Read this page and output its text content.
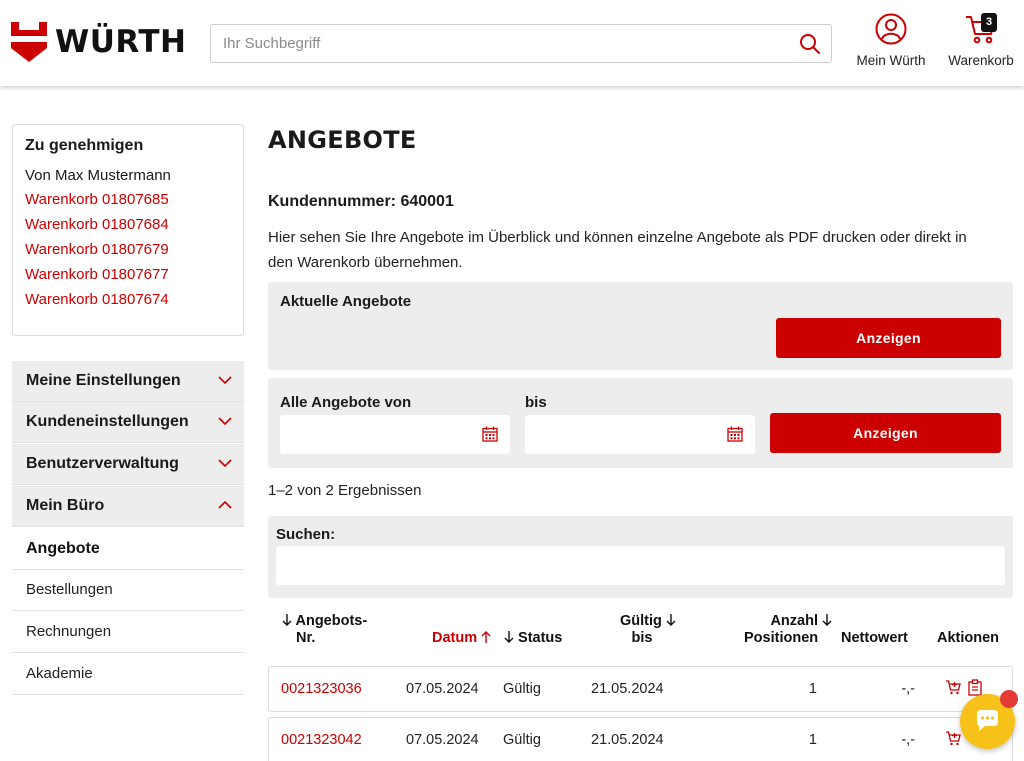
WÜRTH
Ihr Suchbegriff
Mein Würth
3
Warenkorb
Zu genehmigen
Von Max Mustermann
Warenkorb 01807685
Warenkorb 01807684
Warenkorb 01807679
Warenkorb 01807677
Warenkorb 01807674
Meine Einstellungen
Kundeneinstellungen
Benutzerverwaltung
Mein Büro
Angebote
Bestellungen
Rechnungen
Akademie
ANGEBOTE
Kundennummer: 640001
Hier sehen Sie Ihre Angebote im Überblick und können einzelne Angebote als PDF drucken oder direkt in den Warenkorb übernehmen.
Aktuelle Angebote
Anzeigen
Alle Angebote von	bis
Anzeigen
1–2 von 2 Ergebnissen
Suchen:
Angebots-
Nr.	Datum	Status
Gültig
bis
Anzahl
Positionen	Nettowert Aktionen
0021323036	07.05.2024 Gültig	21.05.2024	1	-,-
0021323042	07.05.2024 Gültig	21.05.2024	1	-,-
